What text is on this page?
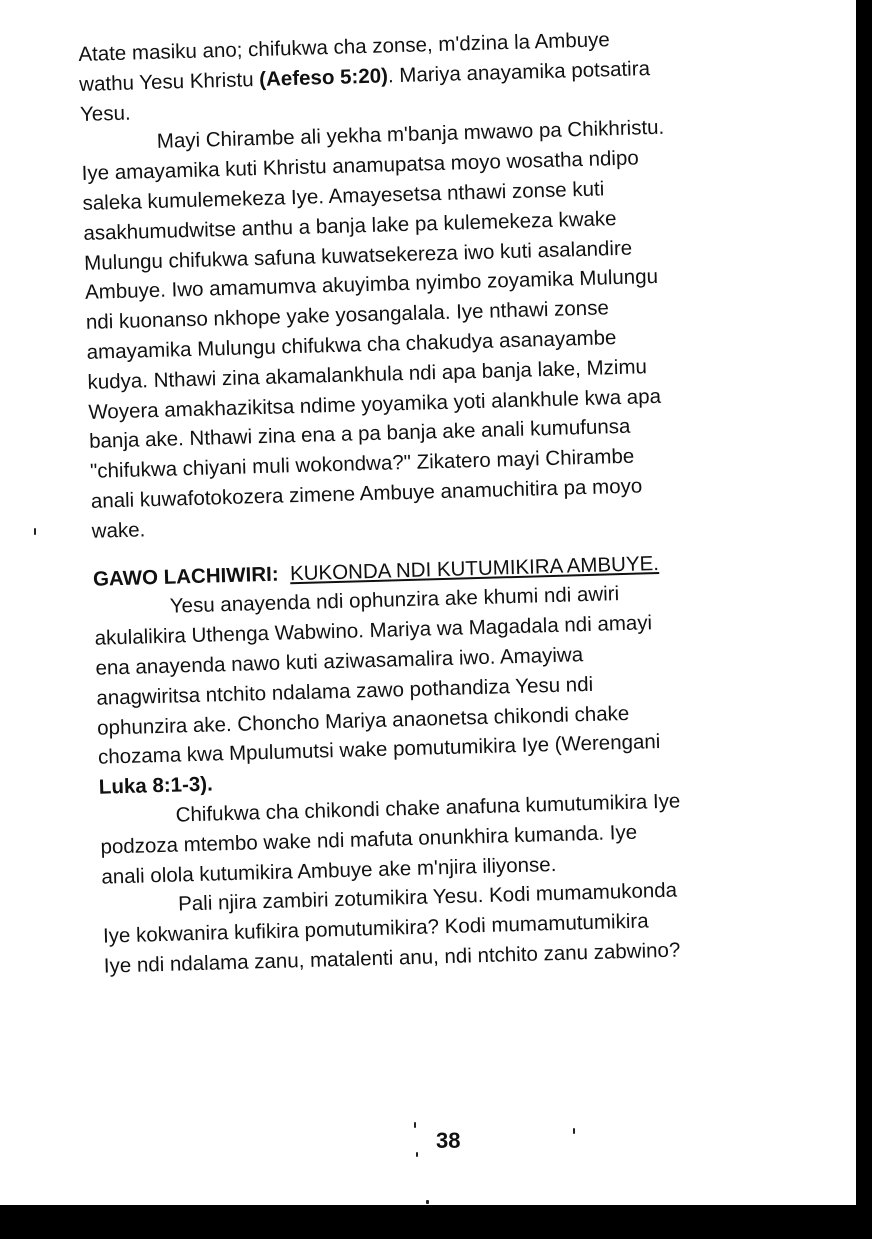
Atate masiku ano; chifukwa cha zonse, m'dzina la Ambuye
wathu Yesu Khristu (Aefeso 5:20). Mariya anayamika potsatira
Yesu.
Mayi Chirambe ali yekha m'banja mwawo pa Chikhristu.
Iye amayamika kuti Khristu anamupatsa moyo wosatha ndipo
saleka kumulemekeza Iye. Amayesetsa nthawi zonse kuti
asakhumudwitse anthu a banja lake pa kulemekeza kwake
Mulungu chifukwa safuna kuwatsekereza iwo kuti asalandire
Ambuye. Iwo amamumva akuyimba nyimbo zoyamika Mulungu
ndi kuonanso nkhope yake yosangalala. Iye nthawi zonse
amayamika Mulungu chifukwa cha chakudya asanayambe
kudya. Nthawi zina akamalankhula ndi apa banja lake, Mzimu
Woyera amakhazikitsa ndime yoyamika yoti alankhule kwa apa
banja ake. Nthawi zina ena a pa banja ake anali kumufunsa
"chifukwa chiyani muli wokondwa?" Zikatero mayi Chirambe
anali kuwafotokozera zimene Ambuye anamuchitira pa moyo
wake.
GAWO LACHIWIRI: KUKONDA NDI KUTUMIKIRA AMBUYE.
Yesu anayenda ndi ophunzira ake khumi ndi awiri
akulalikira Uthenga Wabwino. Mariya wa Magadala ndi amayi
ena anayenda nawo kuti aziwasamalira iwo. Amayiwa
anagwiritsa ntchito ndalama zawo pothandiza Yesu ndi
ophunzira ake. Choncho Mariya anaonetsa chikondi chake
chozama kwa Mpulumutsi wake pomutumikira Iye (Werengani
Luka 8:1-3).
Chifukwa cha chikondi chake anafuna kumutumikira Iye
podzoza mtembo wake ndi mafuta onunkhira kumanda. Iye
anali olola kutumikira Ambuye ake m'njira iliyonse.
Pali njira zambiri zotumikira Yesu. Kodi mumamukonda
Iye kokwanira kufikira pomutumikira? Kodi mumamutumikira
Iye ndi ndalama zanu, matalenti anu, ndi ntchito zanu zabwino?
38
